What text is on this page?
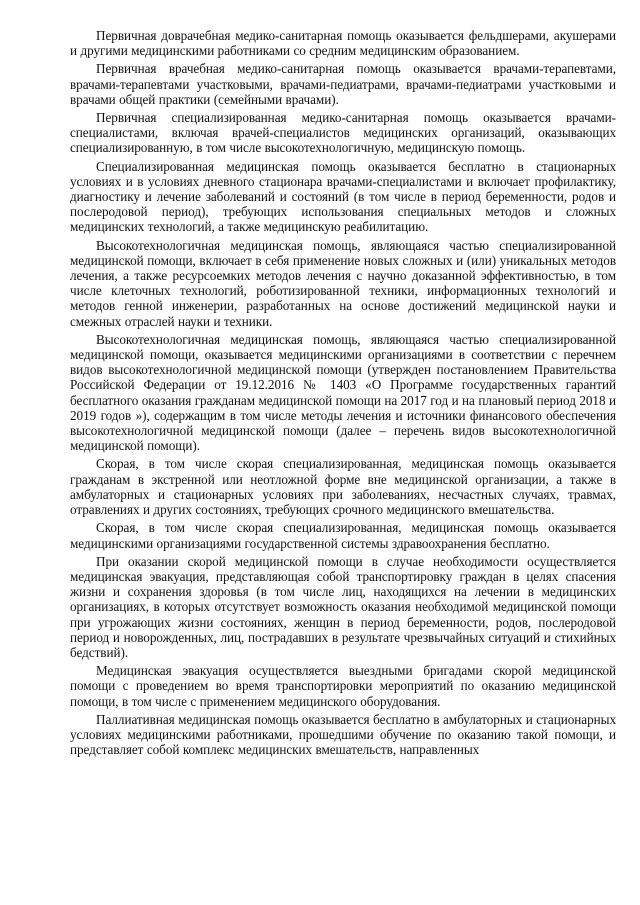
Первичная доврачебная медико-санитарная помощь оказывается фельдшерами, акушерами и другими медицинскими работниками со средним медицинским образованием.

Первичная врачебная медико-санитарная помощь оказывается врачами-терапевтами, врачами-терапевтами участковыми, врачами-педиатрами, врачами-педиатрами участковыми и врачами общей практики (семейными врачами).

Первичная специализированная медико-санитарная помощь оказывается врачами-специалистами, включая врачей-специалистов медицинских организаций, оказывающих специализированную, в том числе высокотехнологичную, медицинскую помощь.

Специализированная медицинская помощь оказывается бесплатно в стационарных условиях и в условиях дневного стационара врачами-специалистами и включает профилактику, диагностику и лечение заболеваний и состояний (в том числе в период беременности, родов и послеродовой период), требующих использования специальных методов и сложных медицинских технологий, а также медицинскую реабилитацию.

Высокотехнологичная медицинская помощь, являющаяся частью специализированной медицинской помощи, включает в себя применение новых сложных и (или) уникальных методов лечения, а также ресурсоемких методов лечения с научно доказанной эффективностью, в том числе клеточных технологий, роботизированной техники, информационных технологий и методов генной инженерии, разработанных на основе достижений медицинской науки и смежных отраслей науки и техники.

Высокотехнологичная медицинская помощь, являющаяся частью специализированной медицинской помощи, оказывается медицинскими организациями в соответствии с перечнем видов высокотехнологичной медицинской помощи (утвержден постановлением Правительства Российской Федерации от 19.12.2016 № 1403 «О Программе государственных гарантий бесплатного оказания гражданам медицинской помощи на 2017 год и на плановый период 2018 и 2019 годов »), содержащим в том числе методы лечения и источники финансового обеспечения высокотехнологичной медицинской помощи (далее – перечень видов высокотехнологичной медицинской помощи).

Скорая, в том числе скорая специализированная, медицинская помощь оказывается гражданам в экстренной или неотложной форме вне медицинской организации, а также в амбулаторных и стационарных условиях при заболеваниях, несчастных случаях, травмах, отравлениях и других состояниях, требующих срочного медицинского вмешательства.

Скорая, в том числе скорая специализированная, медицинская помощь оказывается медицинскими организациями государственной системы здравоохранения бесплатно.

При оказании скорой медицинской помощи в случае необходимости осуществляется медицинская эвакуация, представляющая собой транспортировку граждан в целях спасения жизни и сохранения здоровья (в том числе лиц, находящихся на лечении в медицинских организациях, в которых отсутствует возможность оказания необходимой медицинской помощи при угрожающих жизни состояниях, женщин в период беременности, родов, послеродовой период и новорожденных, лиц, пострадавших в результате чрезвычайных ситуаций и стихийных бедствий).

Медицинская эвакуация осуществляется выездными бригадами скорой медицинской помощи с проведением во время транспортировки мероприятий по оказанию медицинской помощи, в том числе с применением медицинского оборудования.

Паллиативная медицинская помощь оказывается бесплатно в амбулаторных и стационарных условиях медицинскими работниками, прошедшими обучение по оказанию такой помощи, и представляет собой комплекс медицинских вмешательств, направленных
